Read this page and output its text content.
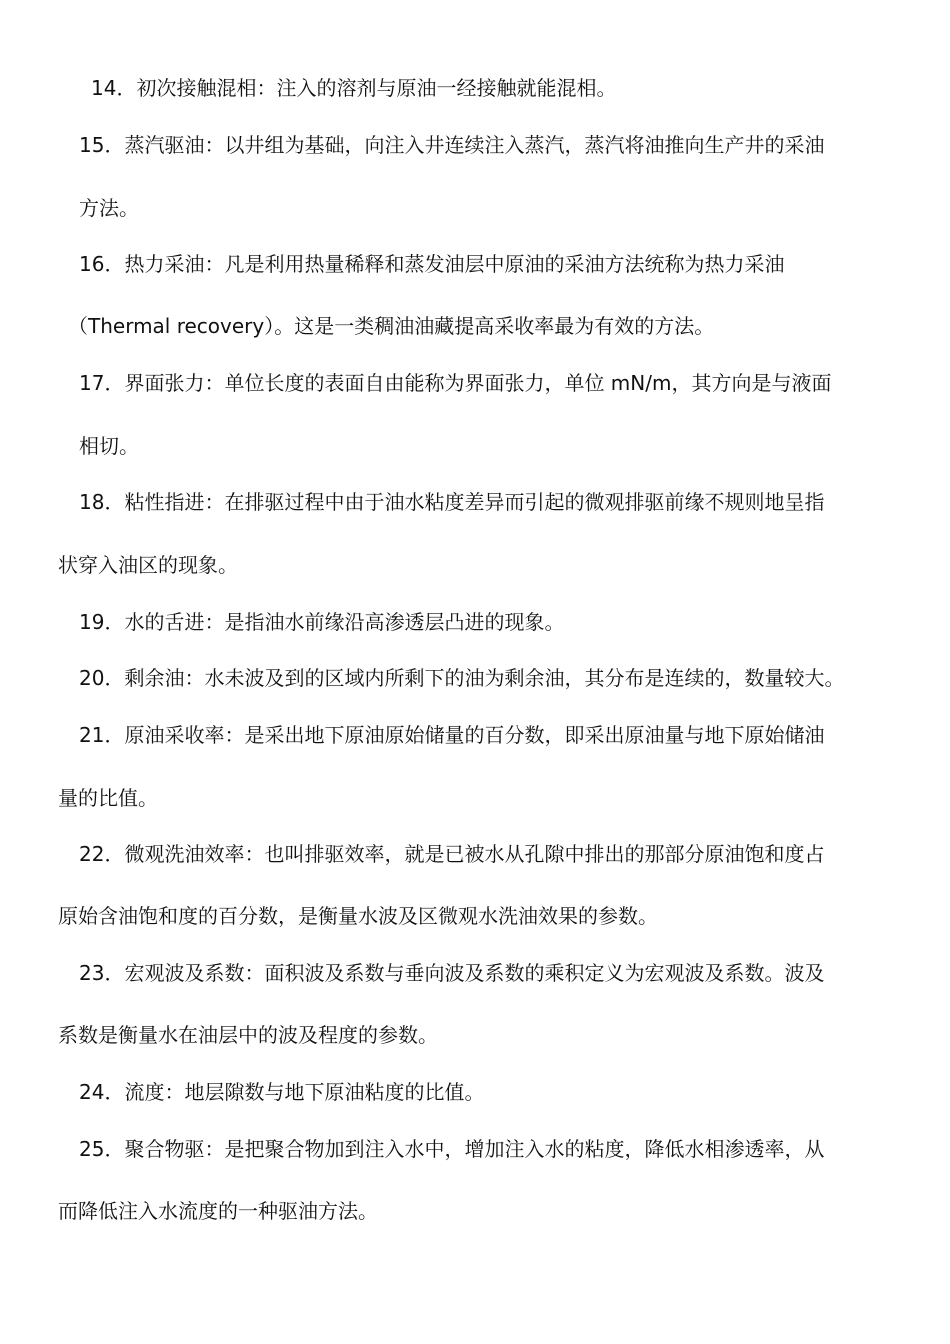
14．初次接触混相：注入的溶剂与原油一经接触就能混相。
15．蒸汽驱油：以井组为基础，向注入井连续注入蒸汽，蒸汽将油推向生产井的采油
方法。
16．热力采油：凡是利用热量稀释和蒸发油层中原油的采油方法统称为热力采油
（Thermal recovery）。这是一类稠油油藏提高采收率最为有效的方法。
17．界面张力：单位长度的表面自由能称为界面张力，单位 mN/m，其方向是与液面
相切。
18．粘性指进：在排驱过程中由于油水粘度差异而引起的微观排驱前缘不规则地呈指
状穿入油区的现象。
19．水的舌进：是指油水前缘沿高渗透层凸进的现象。
20．剩余油：水未波及到的区域内所剩下的油为剩余油，其分布是连续的，数量较大。
21．原油采收率：是采出地下原油原始储量的百分数，即采出原油量与地下原始储油
量的比值。
22．微观洗油效率：也叫排驱效率，就是已被水从孔隙中排出的那部分原油饱和度占
原始含油饱和度的百分数，是衡量水波及区微观水洗油效果的参数。
23．宏观波及系数：面积波及系数与垂向波及系数的乘积定义为宏观波及系数。波及
系数是衡量水在油层中的波及程度的参数。
24．流度：地层隙数与地下原油粘度的比值。
25．聚合物驱：是把聚合物加到注入水中，增加注入水的粘度，降低水相渗透率，从
而降低注入水流度的一种驱油方法。
